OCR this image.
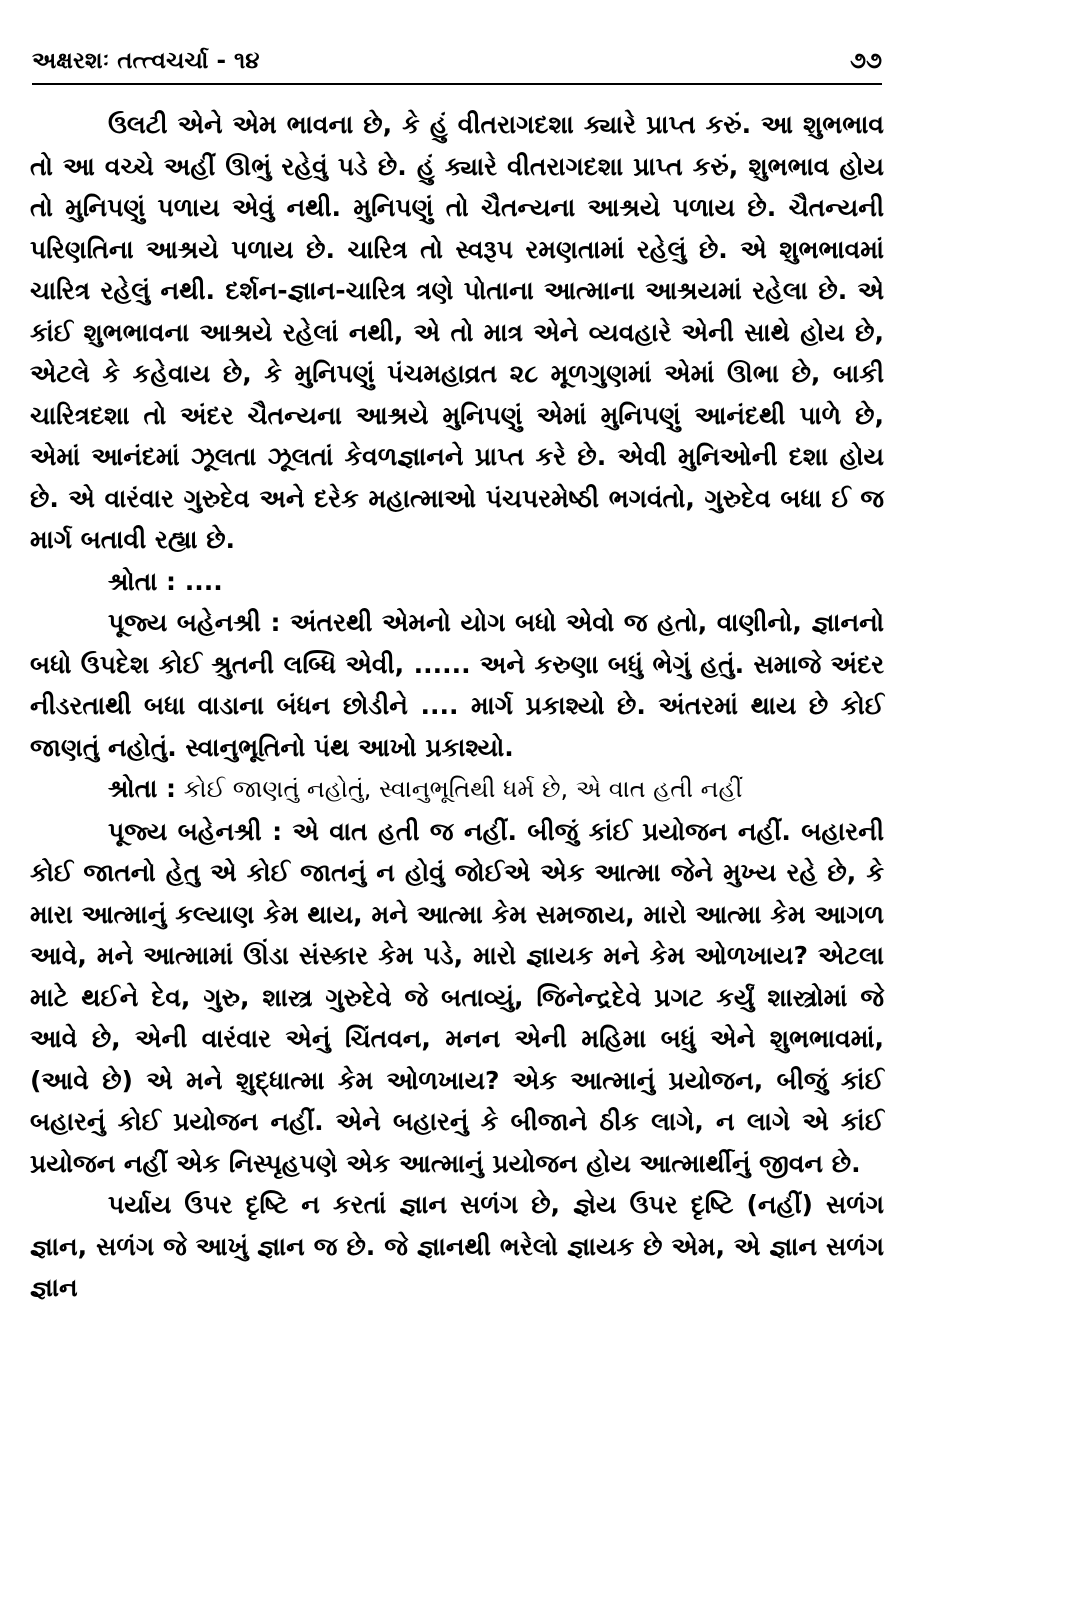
અક્ષરશઃ તત્ત્વચર્ચા - ૧૪	૭૭

ઉલટી એને એમ ભાવના છે, કે હું વીતરાગદશા ક્યારે પ્રાપ્ત કરું. આ શુભભાવ તો આ વચ્ચે અહીં ઊભું રહેવું પડે છે. હું ક્યારે વીતરાગદશા પ્રાપ્ત કરું, શુભભાવ હોય તો મુનિપણું પળાય એવું નથી. મુનિપણું તો ચૈતન્યના આશ્રયે પળાય છે. ચૈતન્યની પરિણતિના આશ્રયે પળાય છે. ચારિત્ર તો સ્વરૂપ રમણતામાં રહેલું છે. એ શુભભાવમાં ચારિત્ર રહેલું નથી. દર્શન-જ્ઞાન-ચારિત્ર ત્રણે પોતાના આત્માના આશ્રયમાં રહેલા છે. એ કાંઈ શુભભાવના આશ્રયે રહેલાં નથી, એ તો માત્ર એને વ્યવહારે એની સાથે હોય છે, એટલે કે કહેવાય છે, કે મુનિપણું પંચમહાવ્રત ૨૮ મૂળગુણમાં એમાં ઊભા છે, બાકી ચારિત્રદશા તો અંદર ચૈતન્યના આશ્રયે મુનિપણું એમાં મુનિપણું આનંદથી પાળે છે, એમાં આનંદમાં ઝૂલતા ઝૂલતાં કેવળજ્ઞાનને પ્રાપ્ત કરે છે. એવી મુનિઓની દશા હોય છે. એ વારંવાર ગુરુદેવ અને દરેક મહાત્માઓ પંચપરમેષ્ઠી ભગવંતો, ગુરુદેવ બધા ઈ જ માર્ગ બતાવી રહ્યા છે.

શ્રોતા : ....

પૂજ્ય બહેનશ્રી : અંતરથી એમનો યોગ બધો એવો જ હતો, વાણીનો, જ્ઞાનનો બધો ઉપદેશ કોઈ શ્રુતની લબ્ધિ એવી, ...... અને કરુણા બધું ભેગું હતું. સમાજે અંદર નીડરતાથી બધા વાડાના બંધન છોડીને .... માર્ગ પ્રકાશ્યો છે. અંતરમાં થાય છે કોઈ જાણતું નહોતું. સ્વાનુભૂતિનો પંથ આખો પ્રકાશ્યો.

શ્રોતા : કોઈ જાણતું નહોતું, સ્વાનુભૂતિથી ધર્મ છે, એ વાત હતી નહીં

પૂજ્ય બહેનશ્રી : એ વાત હતી જ નહીં. બીજું કાંઈ પ્રયોજન નહીં. બહારની કોઈ જાતનો હેતુ એ કોઈ જાતનું ન હોવું જોઈએ એક આત્મા જેને મુખ્ય રહે છે, કે મારા આત્માનું કલ્યાણ કેમ થાય, મને આત્મા કેમ સમજાય, મારો આત્મા કેમ આગળ આવે, મને આત્મામાં ઊંડા સંસ્કાર કેમ પડે, મારો જ્ઞાયક મને કેમ ઓળખાય? એટલા માટે થઈને દેવ, ગુરુ, શાસ્ત્ર ગુરુદેવે જે બતાવ્યું, જિનેન્દ્રદેવે પ્રગટ કર્યું શાસ્ત્રોમાં જે આવે છે, એની વારંવાર એનું ચિંતવન, મનન એની મહિમા બધું એને શુભભાવમાં, (આવે છે) એ મને શુદ્ધાત્મા કેમ ઓળખાય? એક આત્માનું પ્રયોજન, બીજું કાંઈ બહારનું કોઈ પ્રયોજન નહીં. એને બહારનું કે બીજાને ઠીક લાગે, ન લાગે એ કાંઈ પ્રયોજન નહીં એક નિસ્પૃહપણે એક આત્માનું પ્રયોજન હોય આત્માર્થીનું જીવન છે.

પર્યાય ઉપર દૃષ્ટિ ન કરતાં જ્ઞાન સળંગ છે, જ્ઞેય ઉપર દૃષ્ટિ (નહીં) સળંગ જ્ઞાન, સળંગ જે આખું જ્ઞાન જ છે. જે જ્ઞાનથી ભરેલો જ્ઞાયક છે એમ, એ જ્ઞાન સળંગ જ્ઞાન
